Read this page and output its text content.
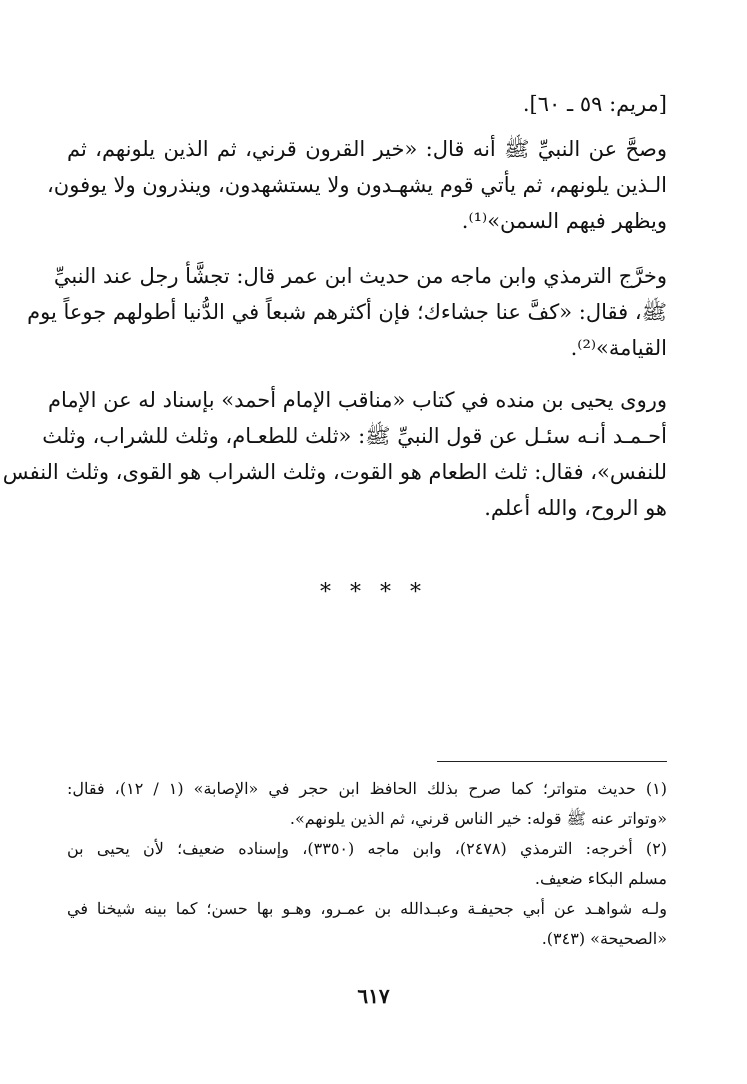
[مريم: ٥٩ ـ ٦٠].
وصحَّ عن النبيِّ ﷺ أنه قال: «خير القرون قرني، ثم الذين يلونهم، ثم
الـذين يلونهم، ثم يأتي قوم يشهـدون ولا يستشهدون، وينذرون ولا يوفون،
ويظهر فيهم السمن»⁽¹⁾.
وخرَّج الترمذي وابن ماجه من حديث ابن عمر قال: تجشَّأ رجل عند النبيِّ
ﷺ، فقال: «كفَّ عنا جشاءك؛ فإن أكثرهم شبعاً في الدُّنيا أطولهم جوعاً يوم
القيامة»⁽²⁾.
وروى يحيى بن منده في كتاب «مناقب الإمام أحمد» بإسناد له عن الإمام
أحـمـد أنـه سئـل عن قول النبيِّ ﷺ: «ثلث للطعـام، وثلث للشراب، وثلث
للنفس»، فقال: ثلث الطعام هو القوت، وثلث الشراب هو القوى، وثلث النفس
هو الروح، والله أعلم.
* * * *
(١) حديث متواتر؛ كما صرح بذلك الحافظ ابن حجر في «الإصابة» (١ / ١٢)، فقال:
«وتواتر عنه ﷺ قوله: خير الناس قرني، ثم الذين يلونهم».
(٢) أخرجه: الترمذي (٢٤٧٨)، وابن ماجه (٣٣٥٠)، وإسناده ضعيف؛ لأن يحيى بن
مسلم البكاء ضعيف.
ولـه شواهـد عن أبي جحيفـة وعبـدالله بن عمـرو، وهـو بها حسن؛ كما بينه شيخنا في
«الصحيحة» (٣٤٣).
٦١٧
